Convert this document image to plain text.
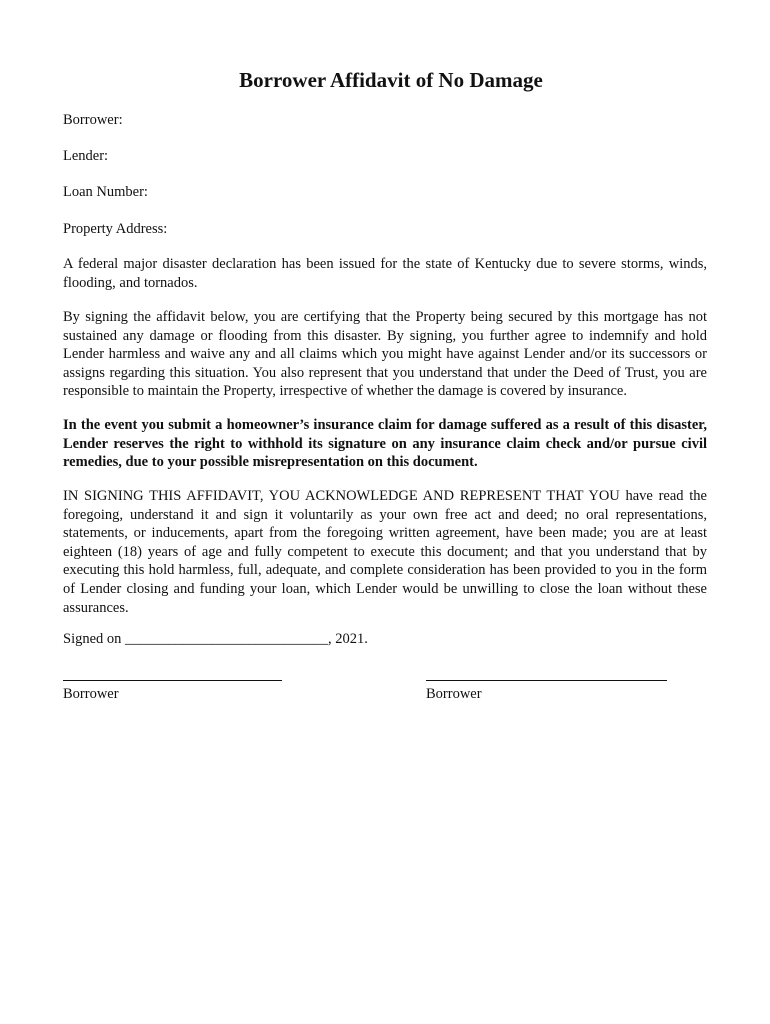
Borrower Affidavit of No Damage
Borrower:
Lender:
Loan Number:
Property Address:

A federal major disaster declaration has been issued for the state of Kentucky due to severe storms, winds, flooding, and tornados.

By signing the affidavit below, you are certifying that the Property being secured by this mortgage has not sustained any damage or flooding from this disaster. By signing, you further agree to indemnify and hold Lender harmless and waive any and all claims which you might have against Lender and/or its successors or assigns regarding this situation. You also represent that you understand that under the Deed of Trust, you are responsible to maintain the Property, irrespective of whether the damage is covered by insurance.

In the event you submit a homeowner’s insurance claim for damage suffered as a result of this disaster, Lender reserves the right to withhold its signature on any insurance claim check and/or pursue civil remedies, due to your possible misrepresentation on this document.

IN SIGNING THIS AFFIDAVIT, YOU ACKNOWLEDGE AND REPRESENT THAT YOU have read the foregoing, understand it and sign it voluntarily as your own free act and deed; no oral representations, statements, or inducements, apart from the foregoing written agreement, have been made; you are at least eighteen (18) years of age and fully competent to execute this document; and that you understand that by executing this hold harmless, full, adequate, and complete consideration has been provided to you in the form of Lender closing and funding your loan, which Lender would be unwilling to close the loan without these assurances.

Signed on ____________________________, 2021.
Borrower	Borrower
